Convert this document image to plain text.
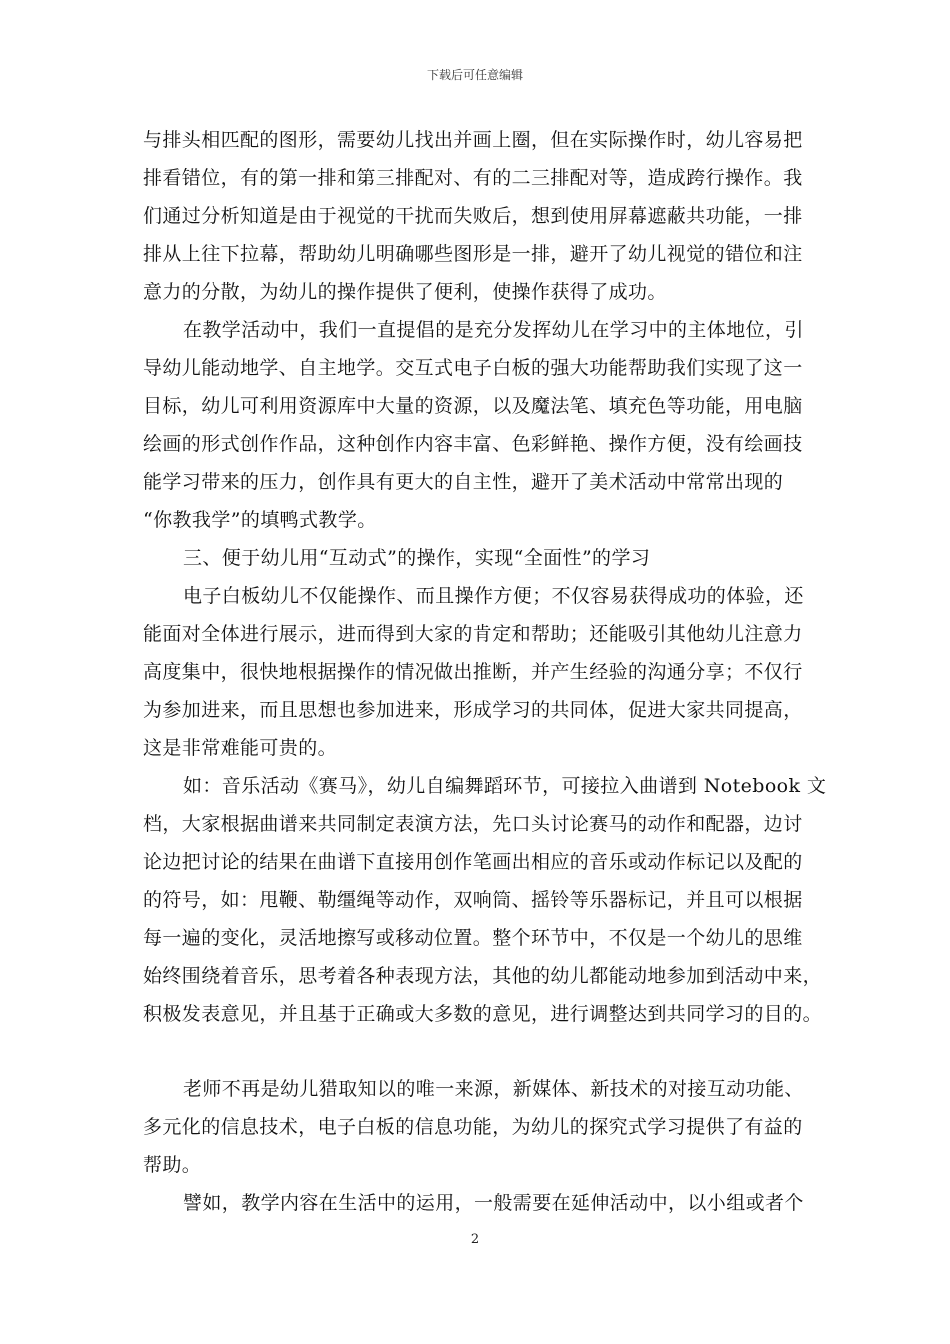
下载后可任意编辑
与排头相匹配的图形，需要幼儿找出并画上圈，但在实际操作时，幼儿容易把
排看错位，有的第一排和第三排配对、有的二三排配对等，造成跨行操作。我
们通过分析知道是由于视觉的干扰而失败后，想到使用屏幕遮蔽共功能，一排
排从上往下拉幕，帮助幼儿明确哪些图形是一排，避开了幼儿视觉的错位和注
意力的分散，为幼儿的操作提供了便利，使操作获得了成功。
在教学活动中，我们一直提倡的是充分发挥幼儿在学习中的主体地位，引
导幼儿能动地学、自主地学。交互式电子白板的强大功能帮助我们实现了这一
目标，幼儿可利用资源库中大量的资源，以及魔法笔、填充色等功能，用电脑
绘画的形式创作作品，这种创作内容丰富、色彩鲜艳、操作方便，没有绘画技
能学习带来的压力，创作具有更大的自主性，避开了美术活动中常常出现的
“你教我学”的填鸭式教学。
三、便于幼儿用“互动式”的操作，实现“全面性”的学习
电子白板幼儿不仅能操作、而且操作方便；不仅容易获得成功的体验，还
能面对全体进行展示，进而得到大家的肯定和帮助；还能吸引其他幼儿注意力
高度集中，很快地根据操作的情况做出推断，并产生经验的沟通分享；不仅行
为参加进来，而且思想也参加进来，形成学习的共同体，促进大家共同提高，
这是非常难能可贵的。
如：音乐活动《赛马》，幼儿自编舞蹈环节，可接拉入曲谱到 Notebook 文
档，大家根据曲谱来共同制定表演方法，先口头讨论赛马的动作和配器，边讨
论边把讨论的结果在曲谱下直接用创作笔画出相应的音乐或动作标记以及配的
的符号，如：甩鞭、勒缰绳等动作，双响筒、摇铃等乐器标记，并且可以根据
每一遍的变化，灵活地擦写或移动位置。整个环节中，不仅是一个幼儿的思维
始终围绕着音乐，思考着各种表现方法，其他的幼儿都能动地参加到活动中来，
积极发表意见，并且基于正确或大多数的意见，进行调整达到共同学习的目的。
老师不再是幼儿猎取知以的唯一来源，新媒体、新技术的对接互动功能、
多元化的信息技术，电子白板的信息功能，为幼儿的探究式学习提供了有益的
帮助。
譬如，教学内容在生活中的运用，一般需要在延伸活动中，以小组或者个
2
